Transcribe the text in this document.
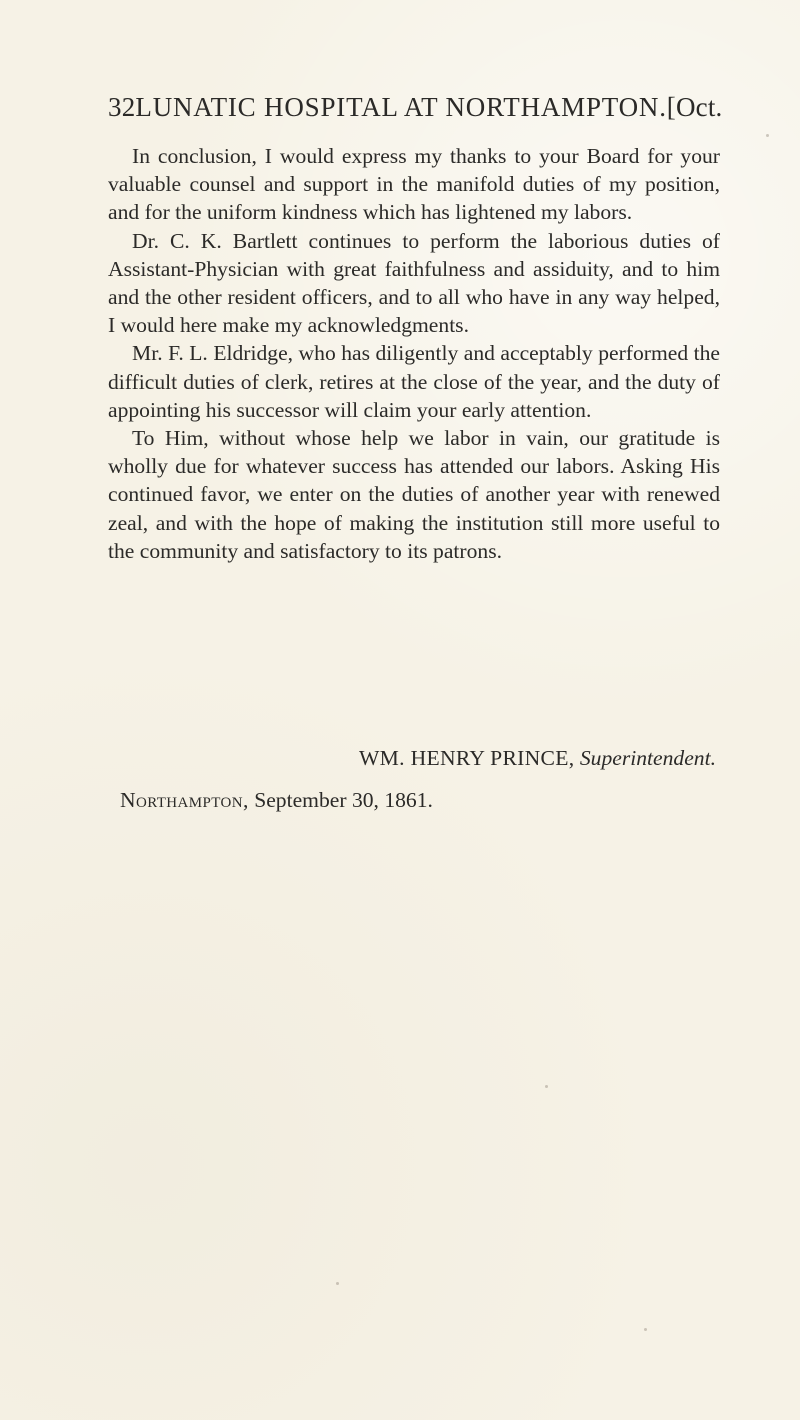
32 LUNATIC HOSPITAL AT NORTHAMPTON. [Oct.

In conclusion, I would express my thanks to your Board for your valuable counsel and support in the manifold duties of my position, and for the uniform kindness which has lightened my labors.

Dr. C. K. Bartlett continues to perform the laborious duties of Assistant-Physician with great faithfulness and assiduity, and to him and the other resident officers, and to all who have in any way helped, I would here make my acknowledgments.

Mr. F. L. Eldridge, who has diligently and acceptably performed the difficult duties of clerk, retires at the close of the year, and the duty of appointing his successor will claim your early attention.

To Him, without whose help we labor in vain, our gratitude is wholly due for whatever success has attended our labors. Asking His continued favor, we enter on the duties of another year with renewed zeal, and with the hope of making the institution still more useful to the community and satisfactory to its patrons.

WM. HENRY PRINCE, Superintendent.
Northampton, September 30, 1861.
